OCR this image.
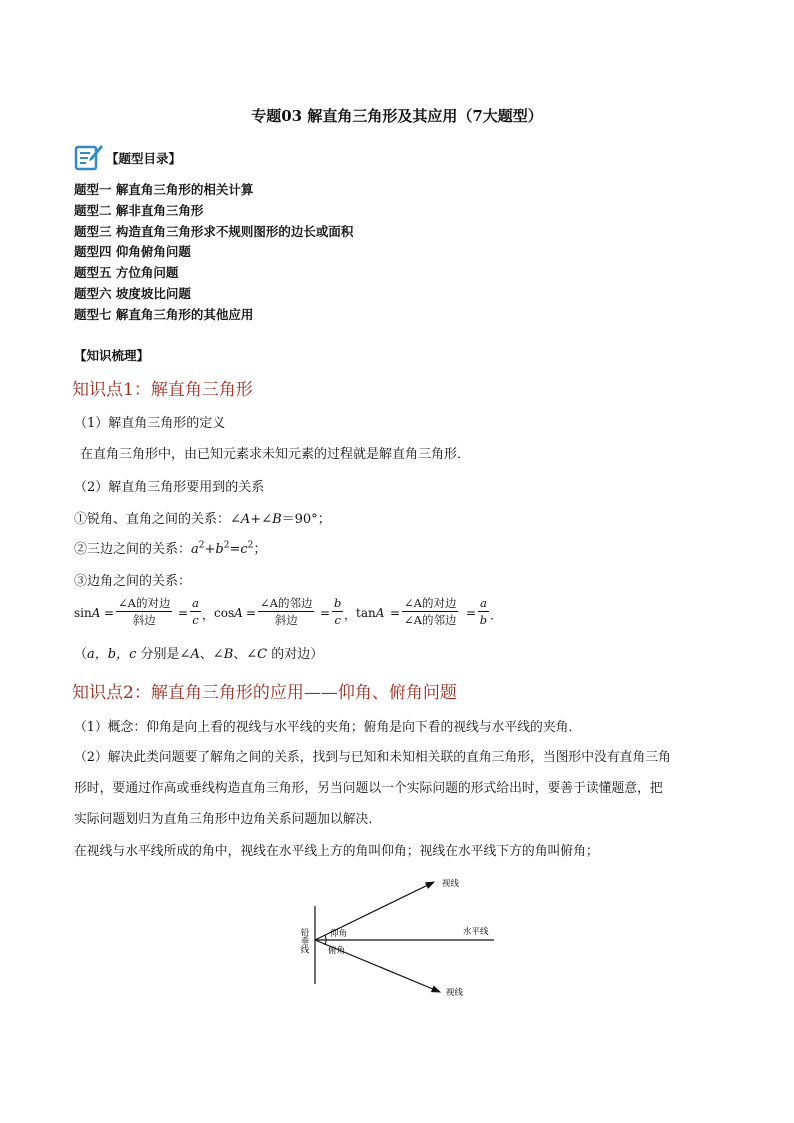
专题03 解直角三角形及其应用（7大题型）
【题型目录】
题型一 解直角三角形的相关计算
题型二 解非直角三角形
题型三 构造直角三角形求不规则图形的边长或面积
题型四 仰角俯角问题
题型五 方位角问题
题型六 坡度坡比问题
题型七 解直角三角形的其他应用
【知识梳理】
知识点1：解直角三角形
（1）解直角三角形的定义
在直角三角形中，由已知元素求未知元素的过程就是解直角三角形．
（2）解直角三角形要用到的关系
①锐角、直角之间的关系：∠A+∠B＝90°；
②三边之间的关系：$a^2+b^2=c^2$；
③边角之间的关系：
sinA =
∠A的对边
斜边	= $\frac{a}{c}$ ， cosA =
∠A的邻边
斜边	= $\frac{b}{c}$ ， tanA =
∠A的对边
∠A的邻边 = $\frac{a}{b}$ ．
（a，b，c 分别是∠A、∠B、∠C 的对边）
知识点2：解直角三角形的应用——仰角、俯角问题
（1）概念：仰角是向上看的视线与水平线的夹角；俯角是向下看的视线与水平线的夹角．
（2）解决此类问题要了解角之间的关系，找到与已知和未知相关联的直角三角形，当图形中没有直角三角
形时，要通过作高或垂线构造直角三角形，另当问题以一个实际问题的形式给出时，要善于读懂题意，把
实际问题划归为直角三角形中边角关系问题加以解决．
在视线与水平线所成的角中，视线在水平线上方的角叫仰角；视线在水平线下方的角叫俯角；
视线
水平线
仰角
俯角
铅垂线
视线
